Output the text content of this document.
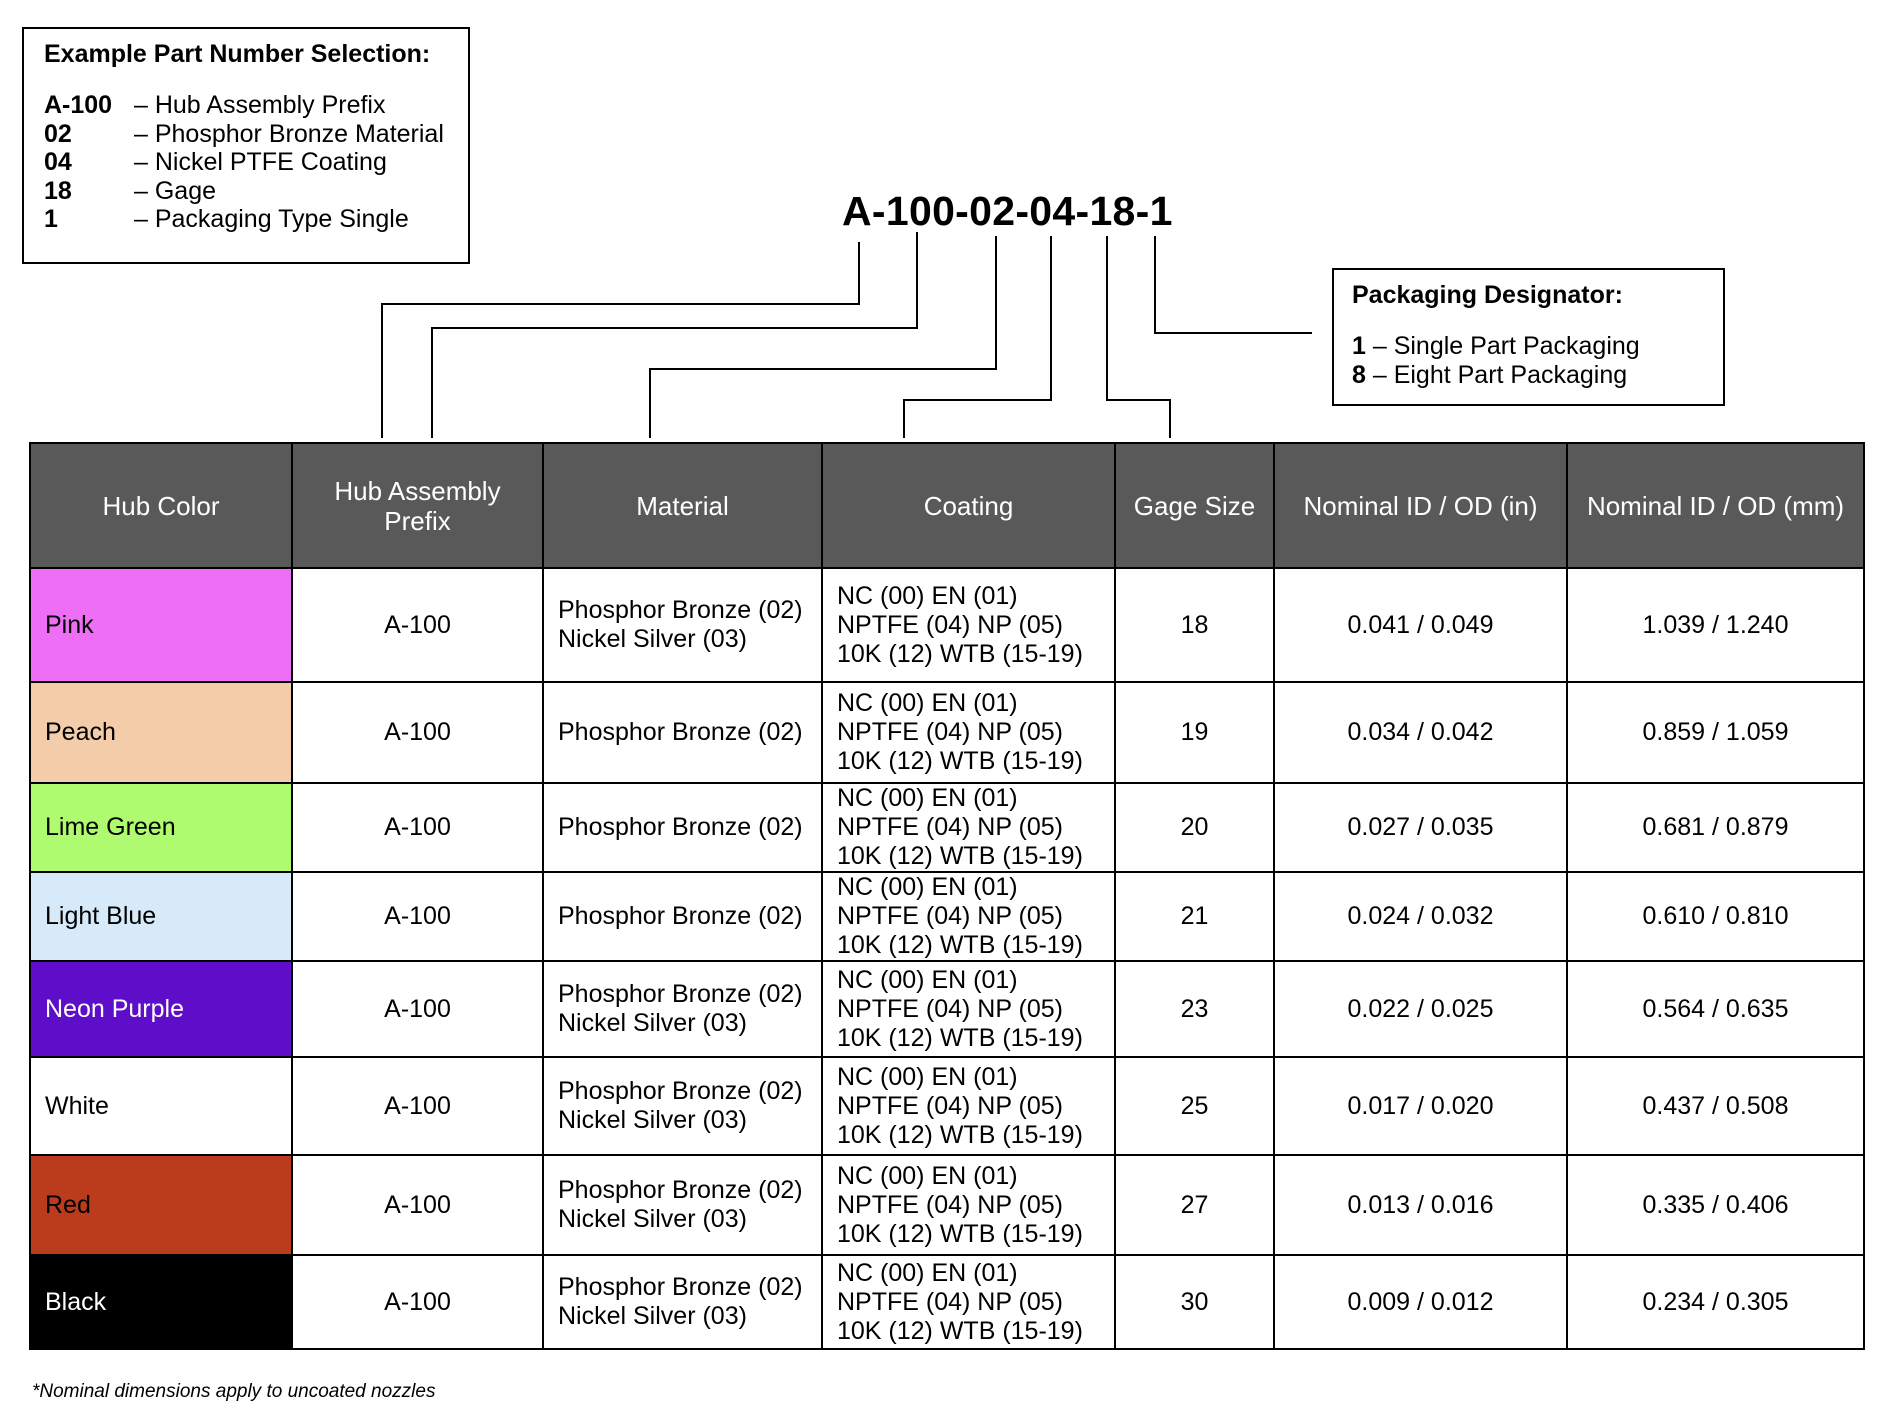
Example Part Number Selection:
A-100 – Hub Assembly Prefix
02	– Phosphor Bronze Material
04	– Nickel PTFE Coating
18	– Gage
1	– Packaging Type Single	A-100-02-04-18-1
Packaging Designator:
1 – Single Part Packaging
8 – Eight Part Packaging
Hub Color	Hub Assembly Prefix	Material	Coating	Gage Size	Nominal ID / OD (in)	Nominal ID / OD (mm)
Pink	A-100	Phosphor Bronze (02)
Nickel Silver (03)	NC (00) EN (01)
NPTFE (04) NP (05)
10K (12) WTB (15-19)	18	0.041 / 0.049	1.039 / 1.240
Peach	A-100	Phosphor Bronze (02)	NC (00) EN (01)
NPTFE (04) NP (05)
10K (12) WTB (15-19)	19	0.034 / 0.042	0.859 / 1.059
Lime Green	A-100	Phosphor Bronze (02)	NC (00) EN (01)
NPTFE (04) NP (05)
10K (12) WTB (15-19)	20	0.027 / 0.035	0.681 / 0.879
Light Blue	A-100	Phosphor Bronze (02)	NC (00) EN (01)
NPTFE (04) NP (05)
10K (12) WTB (15-19)	21	0.024 / 0.032	0.610 / 0.810
Neon Purple	A-100	Phosphor Bronze (02)
Nickel Silver (03)	NC (00) EN (01)
NPTFE (04) NP (05)
10K (12) WTB (15-19)	23	0.022 / 0.025	0.564 / 0.635
White	A-100	Phosphor Bronze (02)
Nickel Silver (03)	NC (00) EN (01)
NPTFE (04) NP (05)
10K (12) WTB (15-19)	25	0.017 / 0.020	0.437 / 0.508
Red	A-100	Phosphor Bronze (02)
Nickel Silver (03)	NC (00) EN (01)
NPTFE (04) NP (05)
10K (12) WTB (15-19)	27	0.013 / 0.016	0.335 / 0.406
Black	A-100	Phosphor Bronze (02)
Nickel Silver (03)	NC (00) EN (01)
NPTFE (04) NP (05)
10K (12) WTB (15-19)	30	0.009 / 0.012	0.234 / 0.305
*Nominal dimensions apply to uncoated nozzles
